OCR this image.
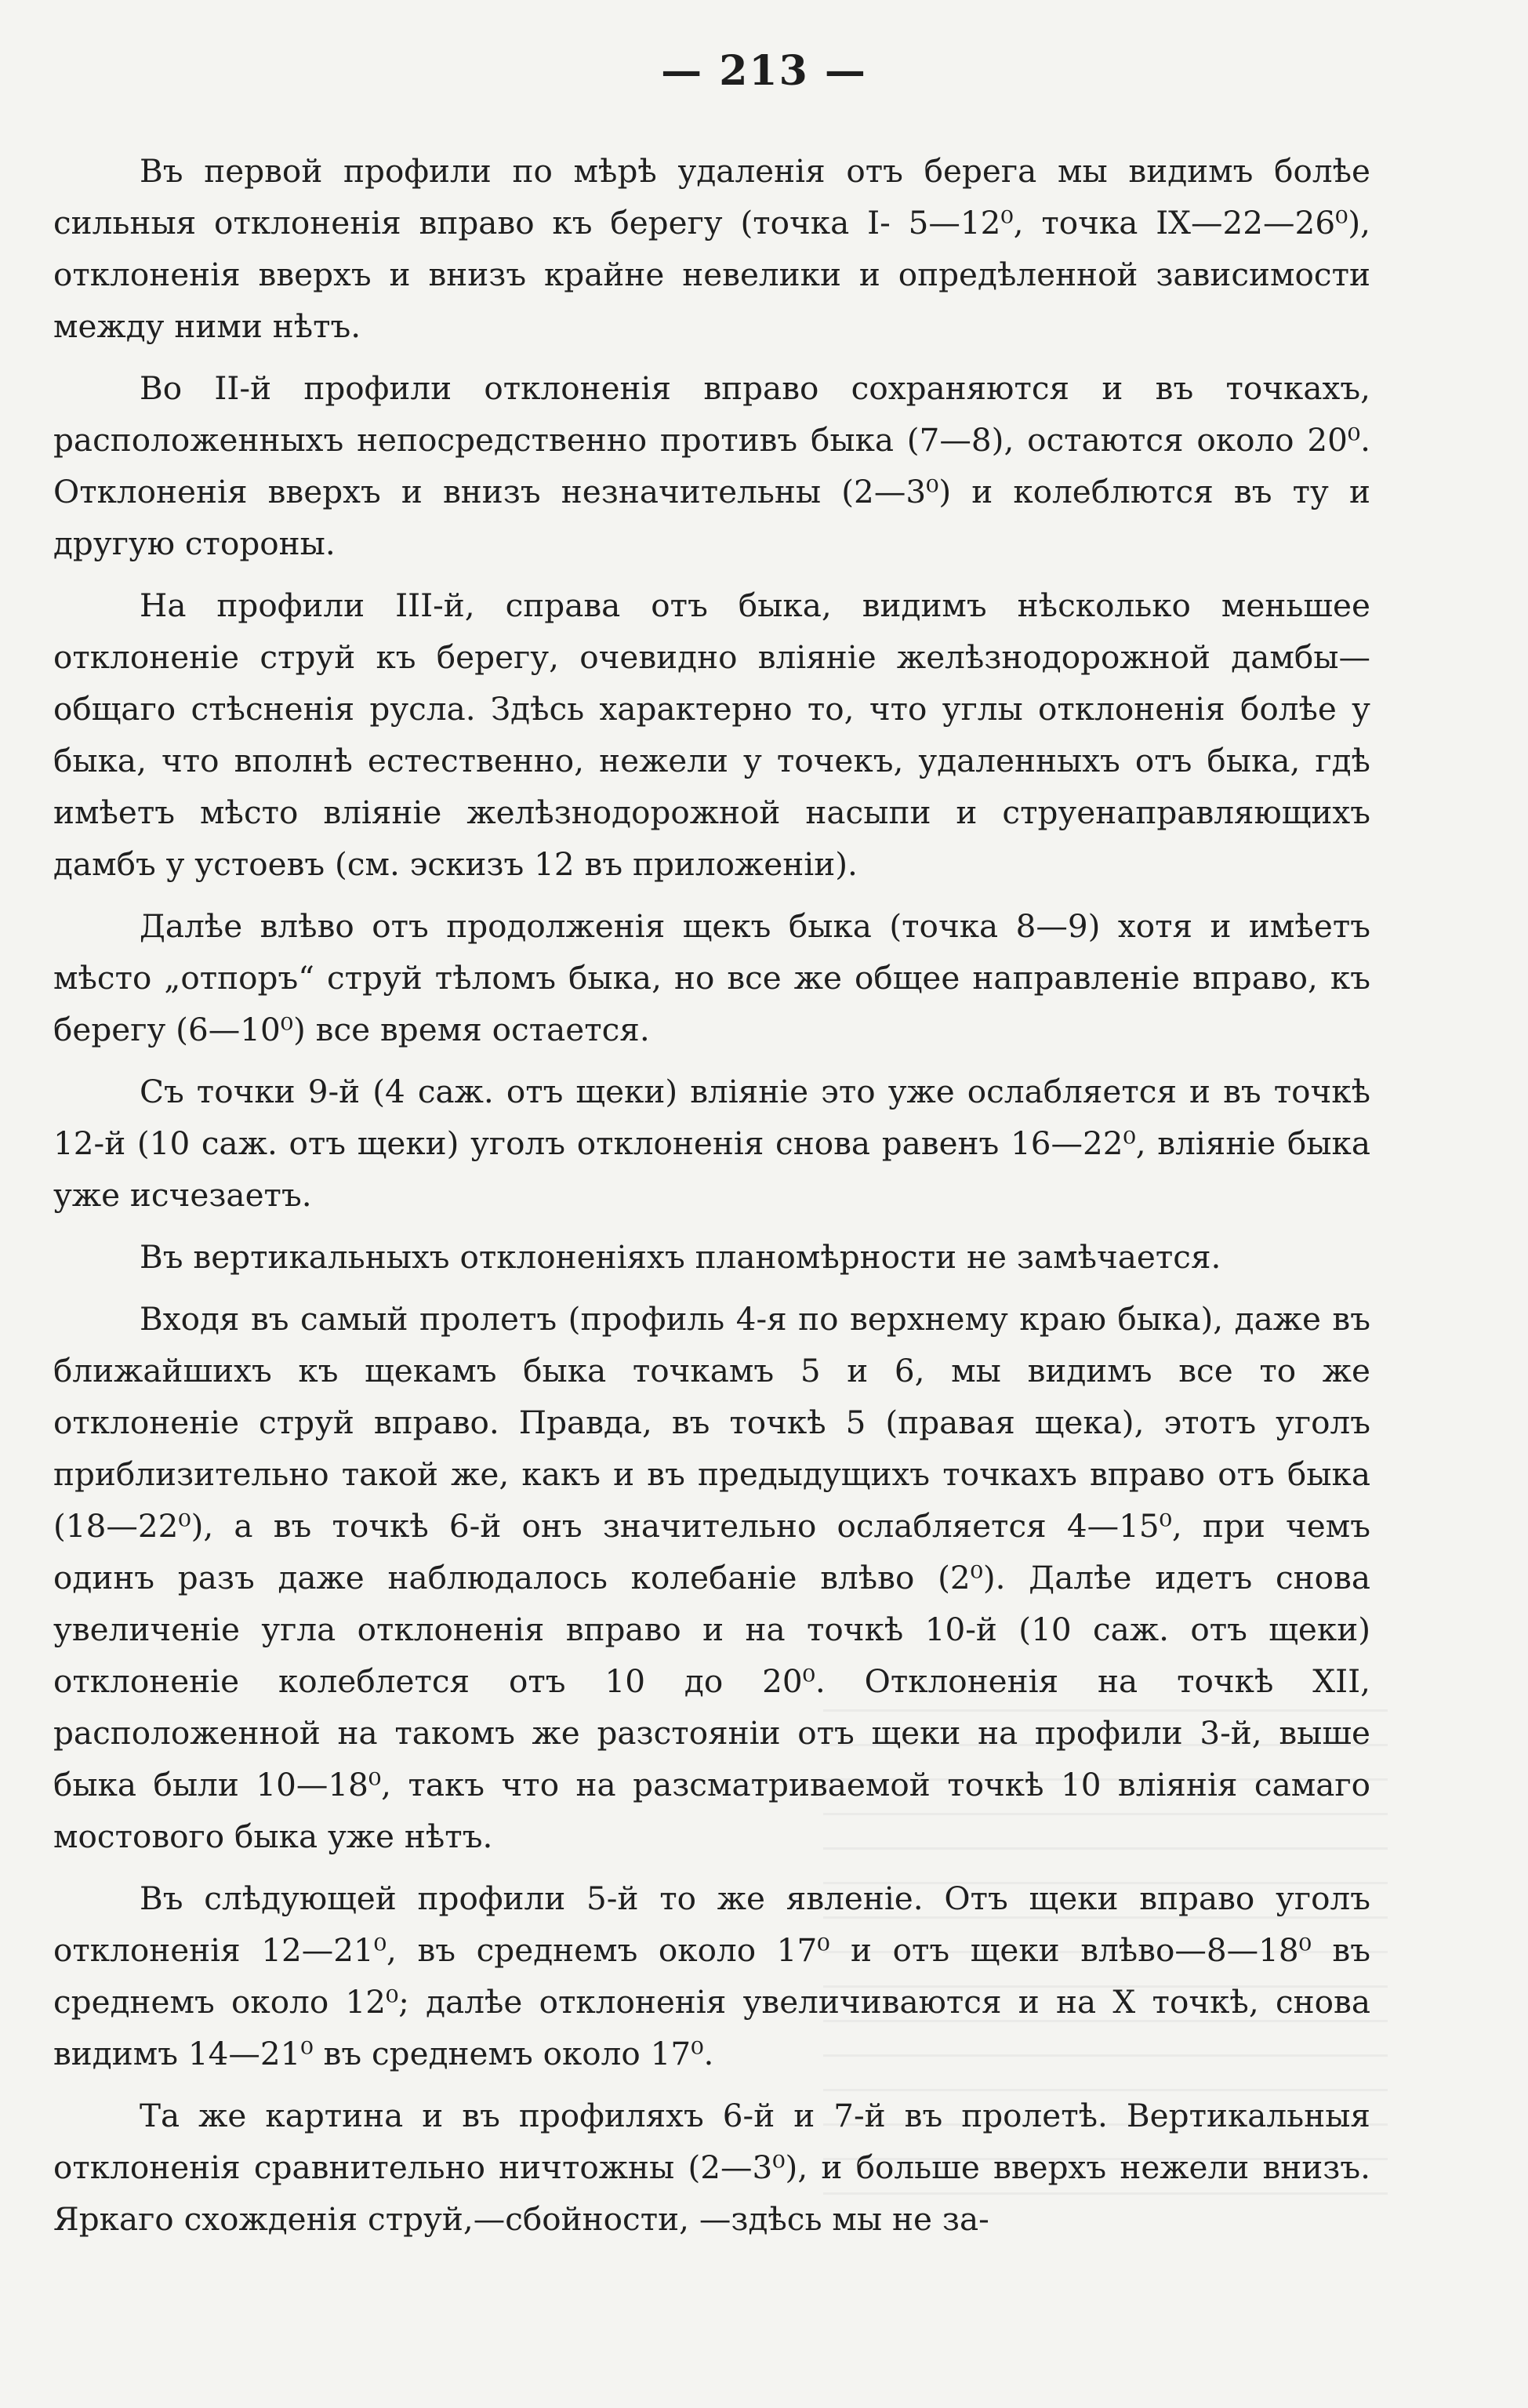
— 213 —

Въ первой профили по мѣрѣ удаленія отъ берега мы видимъ болѣе сильныя отклоненія вправо къ берегу (точка I- 5—12⁰, точка IX—22—26⁰), отклоненія вверхъ и внизъ крайне невелики и опредѣленной зависимости между ними нѣтъ.

Во II-й профили отклоненія вправо сохраняются и въ точкахъ, расположенныхъ непосредственно противъ быка (7—8), остаются около 20⁰. Отклоненія вверхъ и внизъ незначительны (2—3⁰) и колеблются въ ту и другую стороны.

На профили III-й, справа отъ быка, видимъ нѣсколько меньшее отклоненіе струй къ берегу, очевидно вліяніе желѣзнодорожной дамбы—общаго стѣсненія русла. Здѣсь характерно то, что углы отклоненія болѣе у быка, что вполнѣ естественно, нежели у точекъ, удаленныхъ отъ быка, гдѣ имѣетъ мѣсто вліяніе желѣзнодорожной насыпи и струенаправляющихъ дамбъ у устоевъ (см. эскизъ 12 въ приложеніи).

Далѣе влѣво отъ продолженія щекъ быка (точка 8—9) хотя и имѣетъ мѣсто „отпоръ“ струй тѣломъ быка, но все же общее направленіе вправо, къ берегу (6—10⁰) все время остается.

Съ точки 9-й (4 саж. отъ щеки) вліяніе это уже ослабляется и въ точкѣ 12-й (10 саж. отъ щеки) уголъ отклоненія снова равенъ 16—22⁰, вліяніе быка уже исчезаетъ.

Въ вертикальныхъ отклоненіяхъ планомѣрности не замѣчается.

Входя въ самый пролетъ (профиль 4-я по верхнему краю быка), даже въ ближайшихъ къ щекамъ быка точкамъ 5 и 6, мы видимъ все то же отклоненіе струй вправо. Правда, въ точкѣ 5 (правая щека), этотъ уголъ приблизительно такой же, какъ и въ предыдущихъ точкахъ вправо отъ быка (18—22⁰), а въ точкѣ 6-й онъ значительно ослабляется 4—15⁰, при чемъ одинъ разъ даже наблюдалось колебаніе влѣво (2⁰). Далѣе идетъ снова увеличеніе угла отклоненія вправо и на точкѣ 10-й (10 саж. отъ щеки) отклоненіе колеблется отъ 10 до 20⁰. Отклоненія на точкѣ XII, расположенной на такомъ же разстояніи отъ щеки на профили 3-й, выше быка были 10—18⁰, такъ что на разсматриваемой точкѣ 10 вліянія самаго мостового быка уже нѣтъ.

Въ слѣдующей профили 5-й то же явленіе. Отъ щеки вправо уголъ отклоненія 12—21⁰, въ среднемъ около 17⁰ и отъ щеки влѣво—8—18⁰ въ среднемъ около 12⁰; далѣе отклоненія увеличиваются и на X точкѣ, снова видимъ 14—21⁰ въ среднемъ около 17⁰.

Та же картина и въ профиляхъ 6-й и 7-й въ пролетѣ. Вертикальныя отклоненія сравнительно ничтожны (2—3⁰), и больше вверхъ нежели внизъ. Яркаго схожденія струй,—сбойности, —здѣсь мы не за-
